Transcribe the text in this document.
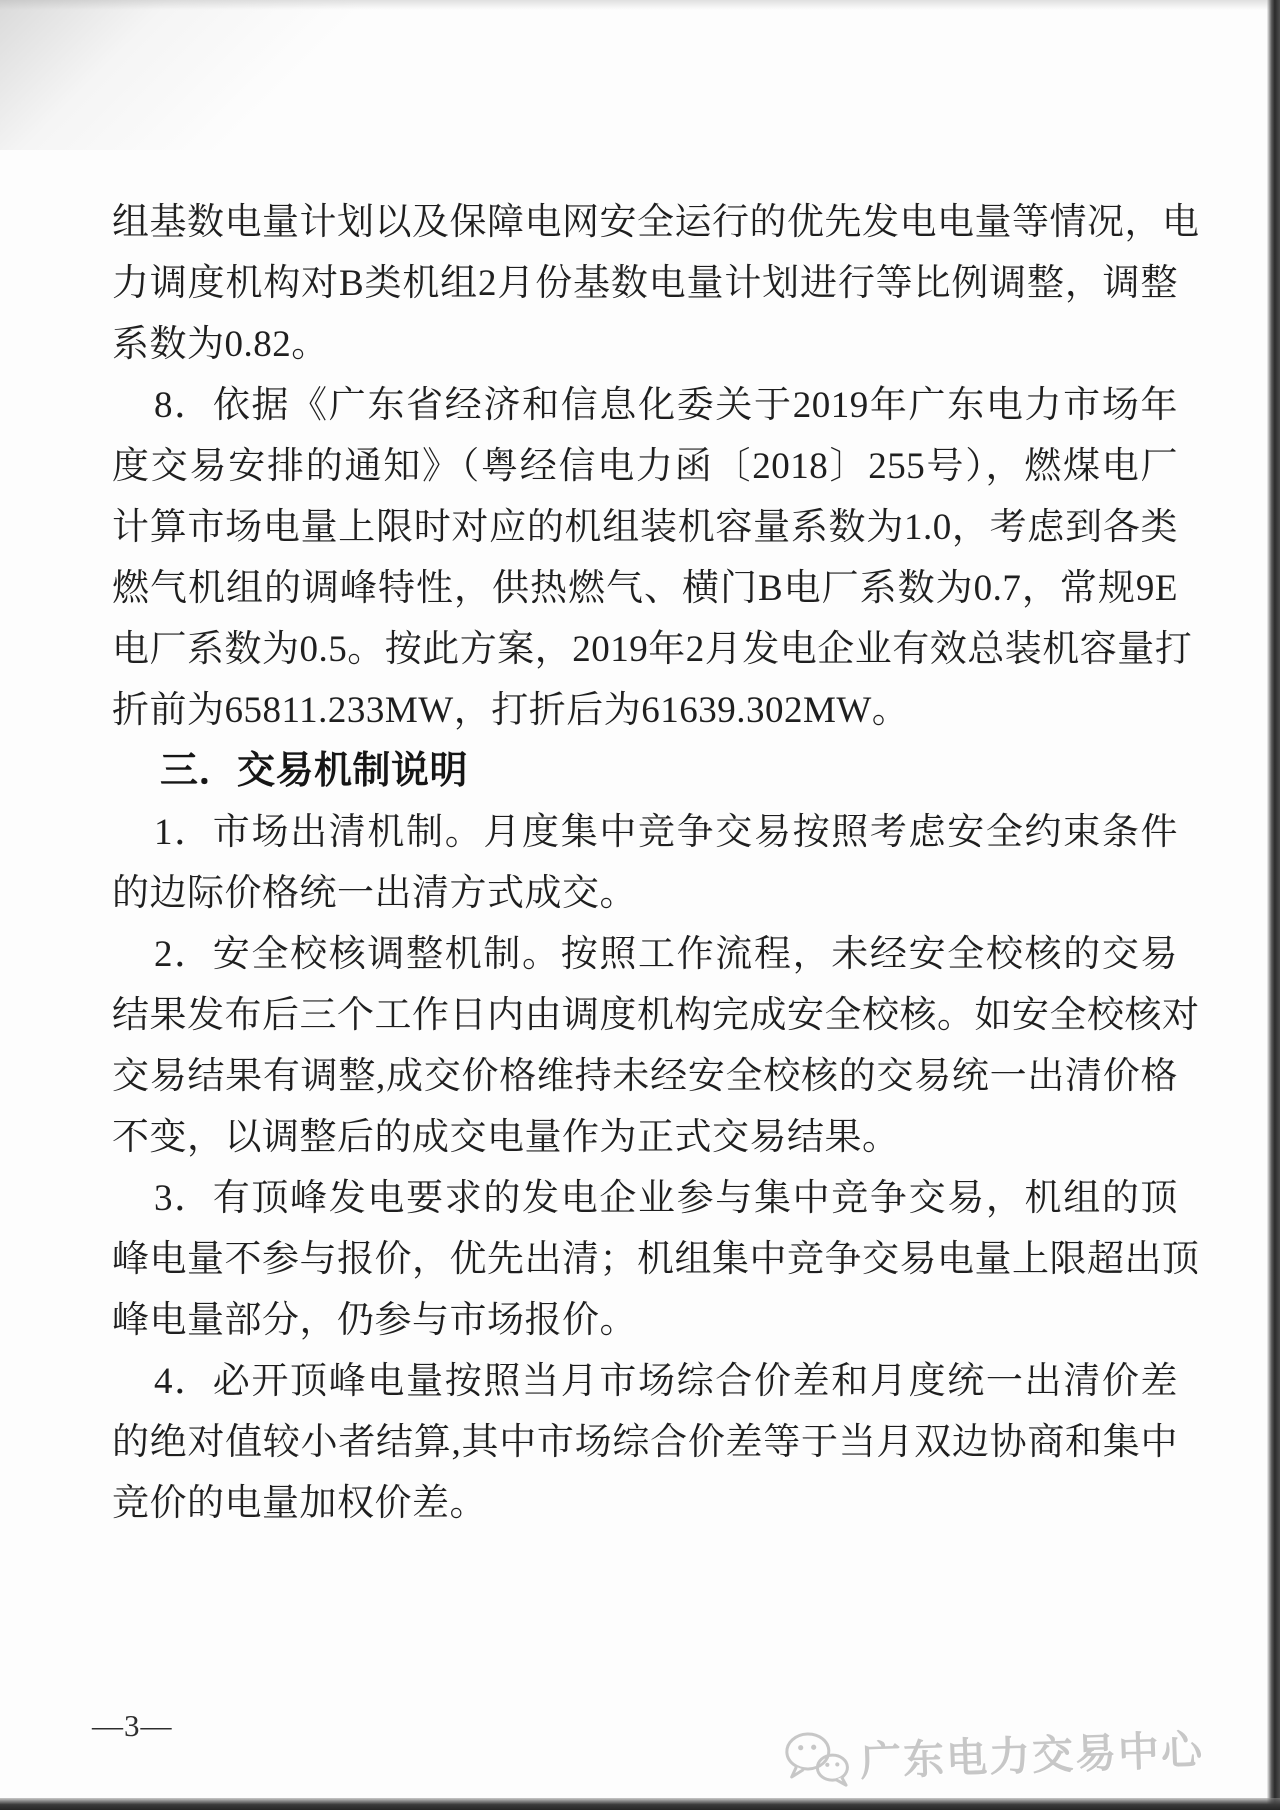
组基数电量计划以及保障电网安全运行的优先发电电量等情况，电
力调度机构对B类机组2月份基数电量计划进行等比例调整，调整
系数为0.82。
8．依据《广东省经济和信息化委关于2019年广东电力市场年
度交易安排的通知》（粤经信电力函〔2018〕255号），燃煤电厂
计算市场电量上限时对应的机组装机容量系数为1.0，考虑到各类
燃气机组的调峰特性，供热燃气、横门B电厂系数为0.7，常规9E
电厂系数为0.5。按此方案，2019年2月发电企业有效总装机容量打
折前为65811.233MW，打折后为61639.302MW。
三．交易机制说明
1．市场出清机制。月度集中竞争交易按照考虑安全约束条件
的边际价格统一出清方式成交。
2．安全校核调整机制。按照工作流程，未经安全校核的交易
结果发布后三个工作日内由调度机构完成安全校核。如安全校核对
交易结果有调整,成交价格维持未经安全校核的交易统一出清价格
不变，以调整后的成交电量作为正式交易结果。
3．有顶峰发电要求的发电企业参与集中竞争交易，机组的顶
峰电量不参与报价，优先出清；机组集中竞争交易电量上限超出顶
峰电量部分，仍参与市场报价。
4．必开顶峰电量按照当月市场综合价差和月度统一出清价差
的绝对值较小者结算,其中市场综合价差等于当月双边协商和集中
竞价的电量加权价差。
—3—
广东电力交易中心
